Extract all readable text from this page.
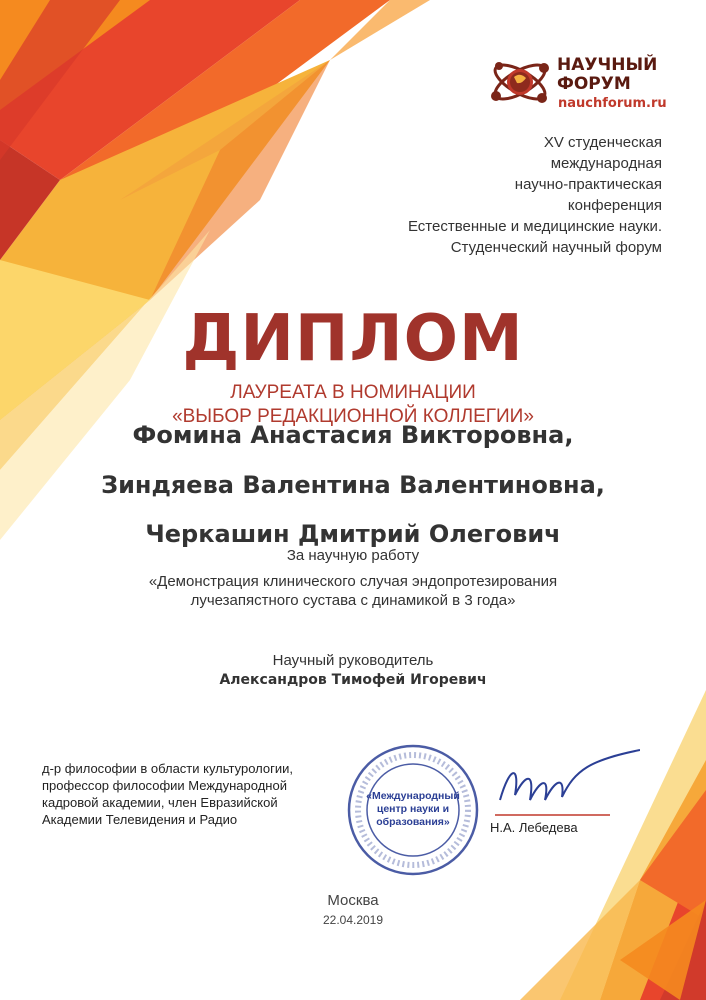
НАУЧНЫЙ
ФОРУМ
nauchforum.ru
XV студенческая
международная
научно-практическая
конференция
Естественные и медицинские науки.
Студенческий научный форум
ДИПЛОМ
ЛАУРЕАТА В НОМИНАЦИИ
«ВЫБОР РЕДАКЦИОННОЙ КОЛЛЕГИИ»
Фомина Анастасия Викторовна,
Зиндяева Валентина Валентиновна,
Черкашин Дмитрий Олегович
За научную работу
«Демонстрация клинического случая эндопротезирования
лучезапястного сустава с динамикой в 3 года»
Научный руководитель
Александров Тимофей Игоревич
д-р философии в области культурологии,
профессор философии Международной
кадровой академии, член Евразийской
Академии Телевидения и Радио
«Международный
центр науки и
образования»	Н.А. Лебедева
Москва
22.04.2019
